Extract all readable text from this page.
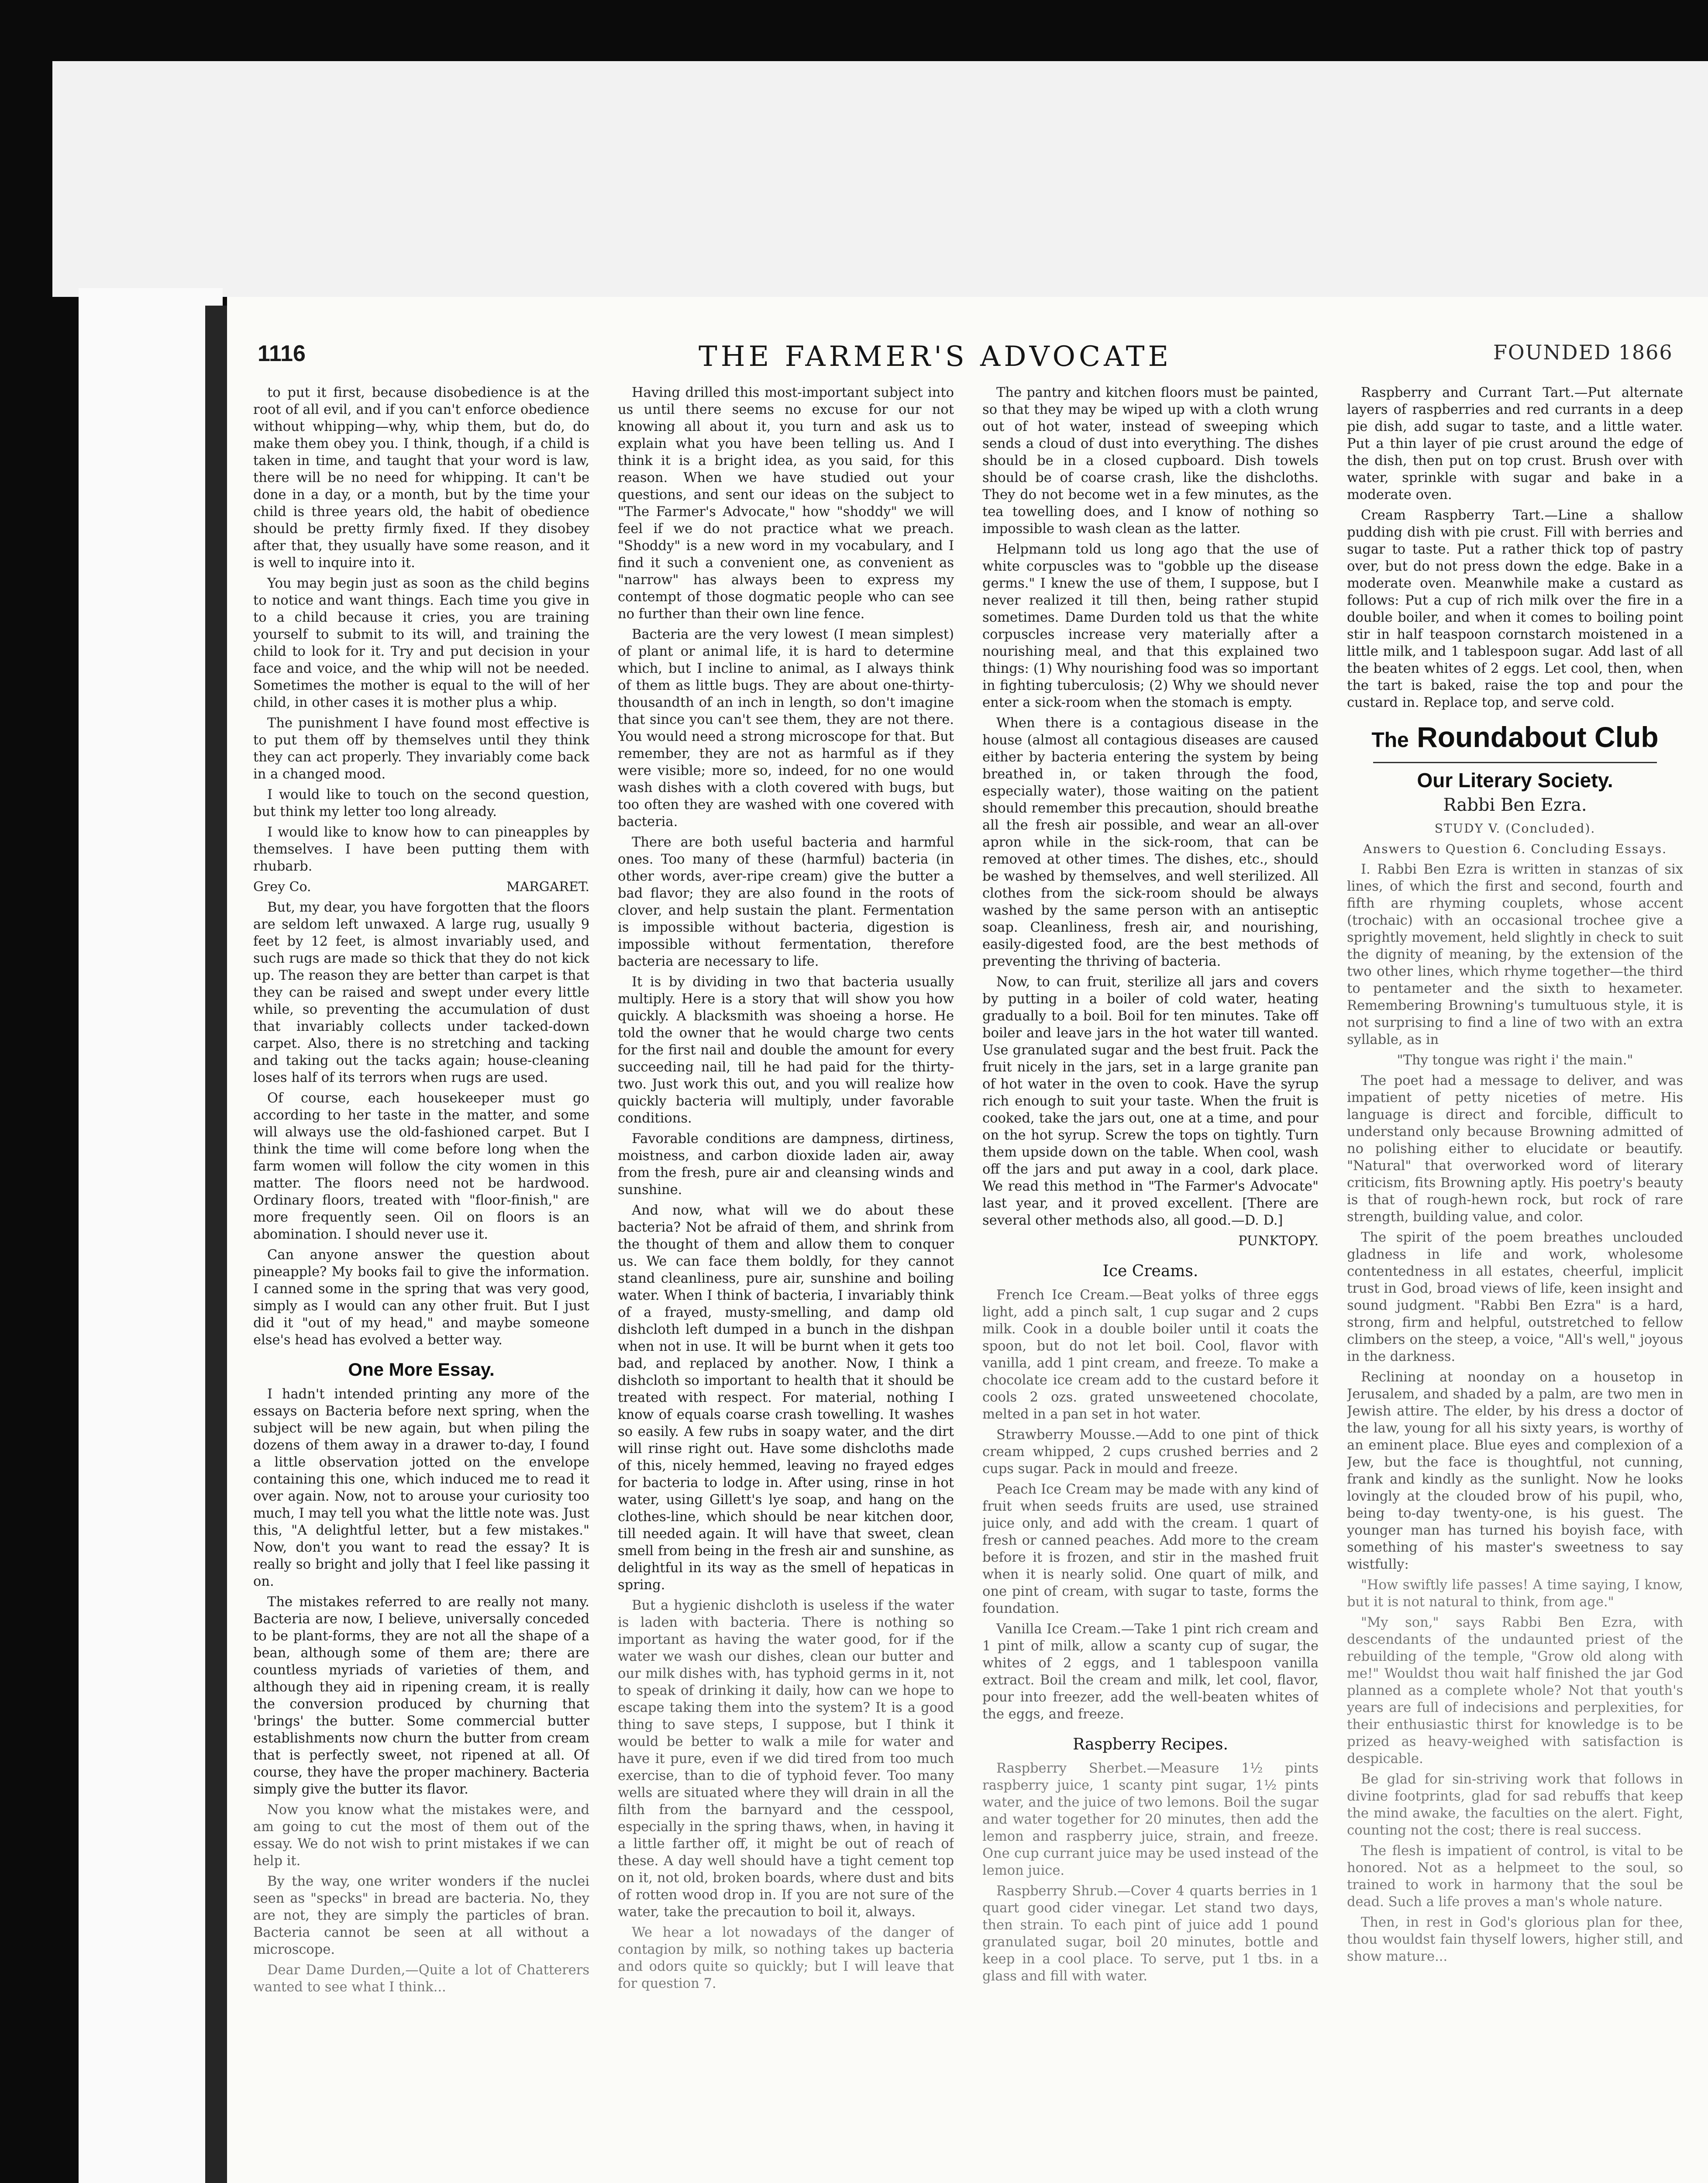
1116	THE FARMER'S ADVOCATE	FOUNDED 1866

to put it first, because disobedience is at the root of all evil, and if you can't enforce obedience without whipping—why, whip them, but do, do make them obey you. I think, though, if a child is taken in time, and taught that your word is law, there will be no need for whipping. It can't be done in a day, or a month, but by the time your child is three years old, the habit of obedience should be pretty firmly fixed. If they disobey after that, they usually have some reason, and it is well to inquire into it.

You may begin just as soon as the child begins to notice and want things. Each time you give in to a child because it cries, you are training yourself to submit to its will, and training the child to look for it. Try and put decision in your face and voice, and the whip will not be needed. Sometimes the mother is equal to the will of her child, in other cases it is mother plus a whip.

The punishment I have found most effective is to put them off by themselves until they think they can act properly. They invariably come back in a changed mood.

I would like to touch on the second question, but think my letter too long already.

I would like to know how to can pineapples by themselves. I have been putting them with rhubarb.

Grey Co.	MARGARET.

But, my dear, you have forgotten that the floors are seldom left unwaxed. A large rug, usually 9 feet by 12 feet, is almost invariably used, and such rugs are made so thick that they do not kick up. The reason they are better than carpet is that they can be raised and swept under every little while, so preventing the accumulation of dust that invariably collects under tacked-down carpet. Also, there is no stretching and tacking and taking out the tacks again; house-cleaning loses half of its terrors when rugs are used.

Of course, each housekeeper must go according to her taste in the matter, and some will always use the old-fashioned carpet. But I think the time will come before long when the farm women will follow the city women in this matter. The floors need not be hardwood. Ordinary floors, treated with "floor-finish," are more frequently seen. Oil on floors is an abomination. I should never use it.

Can anyone answer the question about pineapple? My books fail to give the information. I canned some in the spring that was very good, simply as I would can any other fruit. But I just did it "out of my head," and maybe someone else's head has evolved a better way.

One More Essay.

I hadn't intended printing any more of the essays on Bacteria before next spring, when the subject will be new again, but when piling the dozens of them away in a drawer to-day, I found a little observation jotted on the envelope containing this one, which induced me to read it over again. Now, not to arouse your curiosity too much, I may tell you what the little note was. Just this, "A delightful letter, but a few mistakes." Now, don't you want to read the essay? It is really so bright and jolly that I feel like passing it on.

The mistakes referred to are really not many. Bacteria are now, I believe, universally conceded to be plant-forms, they are not all the shape of a bean, although some of them are; there are countless myriads of varieties of them, and although they aid in ripening cream, it is really the conversion produced by churning that 'brings' the butter. Some commercial butter establishments now churn the butter from cream that is perfectly sweet, not ripened at all. Of course, they have the proper machinery. Bacteria simply give the butter its flavor.

Now you know what the mistakes were, and am going to cut the most of them out of the essay. We do not wish to print mistakes if we can help it.

By the way, one writer wonders if the nuclei seen as "specks" in bread are bacteria. No, they are not, they are simply the particles of bran. Bacteria cannot be seen at all without a microscope.

Dear Dame Durden,—Quite a lot of Chatterers wanted to see what I think...

Having drilled this most-important subject into us until there seems no excuse for our not knowing all about it, you turn and ask us to explain what you have been telling us. And I think it is a bright idea, as you said, for this reason. When we have studied out your questions, and sent our ideas on the subject to "The Farmer's Advocate," how "shoddy" we will feel if we do not practice what we preach. "Shoddy" is a new word in my vocabulary, and I find it such a convenient one, as convenient as "narrow" has always been to express my contempt of those dogmatic people who can see no further than their own line fence.

Bacteria are the very lowest (I mean simplest) of plant or animal life, it is hard to determine which, but I incline to animal, as I always think of them as little bugs. They are about one-thirty-thousandth of an inch in length, so don't imagine that since you can't see them, they are not there. You would need a strong microscope for that. But remember, they are not as harmful as if they were visible; more so, indeed, for no one would wash dishes with a cloth covered with bugs, but too often they are washed with one covered with bacteria.

There are both useful bacteria and harmful ones. Too many of these (harmful) bacteria (in other words, aver-ripe cream) give the butter a bad flavor; they are also found in the roots of clover, and help sustain the plant. Fermentation is impossible without bacteria, digestion is impossible without fermentation, therefore bacteria are necessary to life.

It is by dividing in two that bacteria usually multiply. Here is a story that will show you how quickly. A blacksmith was shoeing a horse. He told the owner that he would charge two cents for the first nail and double the amount for every succeeding nail, till he had paid for the thirty-two. Just work this out, and you will realize how quickly bacteria will multiply, under favorable conditions.

Favorable conditions are dampness, dirtiness, moistness, and carbon dioxide laden air, away from the fresh, pure air and cleansing winds and sunshine.

And now, what will we do about these bacteria? Not be afraid of them, and shrink from the thought of them and allow them to conquer us. We can face them boldly, for they cannot stand cleanliness, pure air, sunshine and boiling water. When I think of bacteria, I invariably think of a frayed, musty-smelling, and damp old dishcloth left dumped in a bunch in the dishpan when not in use. It will be burnt when it gets too bad, and replaced by another. Now, I think a dishcloth so important to health that it should be treated with respect. For material, nothing I know of equals coarse crash towelling. It washes so easily. A few rubs in soapy water, and the dirt will rinse right out. Have some dishcloths made of this, nicely hemmed, leaving no frayed edges for bacteria to lodge in. After using, rinse in hot water, using Gillett's lye soap, and hang on the clothes-line, which should be near kitchen door, till needed again. It will have that sweet, clean smell from being in the fresh air and sunshine, as delightful in its way as the smell of hepaticas in spring.

But a hygienic dishcloth is useless if the water is laden with bacteria. There is nothing so important as having the water good, for if the water we wash our dishes, clean our butter and our milk dishes with, has typhoid germs in it, not to speak of drinking it daily, how can we hope to escape taking them into the system? It is a good thing to save steps, I suppose, but I think it would be better to walk a mile for water and have it pure, even if we did tired from too much exercise, than to die of typhoid fever. Too many wells are situated where they will drain in all the filth from the barnyard and the cesspool, especially in the spring thaws, when, in having it a little farther off, it might be out of reach of these. A day well should have a tight cement top on it, not old, broken boards, where dust and bits of rotten wood drop in. If you are not sure of the water, take the precaution to boil it, always.

We hear a lot nowadays of the danger of contagion by milk, so nothing takes up bacteria and odors quite so quickly; but I will leave that for question 7.

The pantry and kitchen floors must be painted, so that they may be wiped up with a cloth wrung out of hot water, instead of sweeping which sends a cloud of dust into everything. The dishes should be in a closed cupboard. Dish towels should be of coarse crash, like the dishcloths. They do not become wet in a few minutes, as the tea towelling does, and I know of nothing so impossible to wash clean as the latter.

Helpmann told us long ago that the use of white corpuscles was to "gobble up the disease germs." I knew the use of them, I suppose, but I never realized it till then, being rather stupid sometimes. Dame Durden told us that the white corpuscles increase very materially after a nourishing meal, and that this explained two things: (1) Why nourishing food was so important in fighting tuberculosis; (2) Why we should never enter a sick-room when the stomach is empty.

When there is a contagious disease in the house (almost all contagious diseases are caused either by bacteria entering the system by being breathed in, or taken through the food, especially water), those waiting on the patient should remember this precaution, should breathe all the fresh air possible, and wear an all-over apron while in the sick-room, that can be removed at other times. The dishes, etc., should be washed by themselves, and well sterilized. All clothes from the sick-room should be always washed by the same person with an antiseptic soap. Cleanliness, fresh air, and nourishing, easily-digested food, are the best methods of preventing the thriving of bacteria.

Now, to can fruit, sterilize all jars and covers by putting in a boiler of cold water, heating gradually to a boil. Boil for ten minutes. Take off boiler and leave jars in the hot water till wanted. Use granulated sugar and the best fruit. Pack the fruit nicely in the jars, set in a large granite pan of hot water in the oven to cook. Have the syrup rich enough to suit your taste. When the fruit is cooked, take the jars out, one at a time, and pour on the hot syrup. Screw the tops on tightly. Turn them upside down on the table. When cool, wash off the jars and put away in a cool, dark place. We read this method in "The Farmer's Advocate" last year, and it proved excellent. [There are several other methods also, all good.—D. D.]

PUNKTOPY.
Ice Creams.

French Ice Cream.—Beat yolks of three eggs light, add a pinch salt, 1 cup sugar and 2 cups milk. Cook in a double boiler until it coats the spoon, but do not let boil. Cool, flavor with vanilla, add 1 pint cream, and freeze. To make a chocolate ice cream add to the custard before it cools 2 ozs. grated unsweetened chocolate, melted in a pan set in hot water.

Strawberry Mousse.—Add to one pint of thick cream whipped, 2 cups crushed berries and 2 cups sugar. Pack in mould and freeze.

Peach Ice Cream may be made with any kind of fruit when seeds fruits are used, use strained juice only, and add with the cream. 1 quart of fresh or canned peaches. Add more to the cream before it is frozen, and stir in the mashed fruit when it is nearly solid. One quart of milk, and one pint of cream, with sugar to taste, forms the foundation.

Vanilla Ice Cream.—Take 1 pint rich cream and 1 pint of milk, allow a scanty cup of sugar, the whites of 2 eggs, and 1 tablespoon vanilla extract. Boil the cream and milk, let cool, flavor, pour into freezer, add the well-beaten whites of the eggs, and freeze.

Raspberry Recipes.

Raspberry Sherbet.—Measure 1½ pints raspberry juice, 1 scanty pint sugar, 1½ pints water, and the juice of two lemons. Boil the sugar and water together for 20 minutes, then add the lemon and raspberry juice, strain, and freeze. One cup currant juice may be used instead of the lemon juice.

Raspberry Shrub.—Cover 4 quarts berries in 1 quart good cider vinegar. Let stand two days, then strain. To each pint of juice add 1 pound granulated sugar, boil 20 minutes, bottle and keep in a cool place. To serve, put 1 tbs. in a glass and fill with water.

Raspberry and Currant Tart.—Put alternate layers of raspberries and red currants in a deep pie dish, add sugar to taste, and a little water. Put a thin layer of pie crust around the edge of the dish, then put on top crust. Brush over with water, sprinkle with sugar and bake in a moderate oven.

Cream Raspberry Tart.—Line a shallow pudding dish with pie crust. Fill with berries and sugar to taste. Put a rather thick top of pastry over, but do not press down the edge. Bake in a moderate oven. Meanwhile make a custard as follows: Put a cup of rich milk over the fire in a double boiler, and when it comes to boiling point stir in half teaspoon cornstarch moistened in a little milk, and 1 tablespoon sugar. Add last of all the beaten whites of 2 eggs. Let cool, then, when the tart is baked, raise the top and pour the custard in. Replace top, and serve cold.

The Roundabout Club
Our Literary Society.
Rabbi Ben Ezra.
STUDY V. (Concluded).
Answers to Question 6. Concluding Essays.

I. Rabbi Ben Ezra is written in stanzas of six lines, of which the first and second, fourth and fifth are rhyming couplets, whose accent (trochaic) with an occasional trochee give a sprightly movement, held slightly in check to suit the dignity of meaning, by the extension of the two other lines, which rhyme together—the third to pentameter and the sixth to hexameter. Remembering Browning's tumultuous style, it is not surprising to find a line of two with an extra syllable, as in

"Thy tongue was right i' the main."

The poet had a message to deliver, and was impatient of petty niceties of metre. His language is direct and forcible, difficult to understand only because Browning admitted of no polishing either to elucidate or beautify. "Natural" that overworked word of literary criticism, fits Browning aptly. His poetry's beauty is that of rough-hewn rock, but rock of rare strength, building value, and color.

The spirit of the poem breathes unclouded gladness in life and work, wholesome contentedness in all estates, cheerful, implicit trust in God, broad views of life, keen insight and sound judgment. "Rabbi Ben Ezra" is a hard, strong, firm and helpful, outstretched to fellow climbers on the steep, a voice, "All's well," joyous in the darkness.

Reclining at noonday on a housetop in Jerusalem, and shaded by a palm, are two men in Jewish attire. The elder, by his dress a doctor of the law, young for all his sixty years, is worthy of an eminent place. Blue eyes and complexion of a Jew, but the face is thoughtful, not cunning, frank and kindly as the sunlight. Now he looks lovingly at the clouded brow of his pupil, who, being to-day twenty-one, is his guest. The younger man has turned his boyish face, with something of his master's sweetness to say wistfully:

"How swiftly life passes! A time saying, I know, but it is not natural to think, from age."

"My son," says Rabbi Ben Ezra, with descendants of the undaunted priest of the rebuilding of the temple, "Grow old along with me!" Wouldst thou wait half finished the jar God planned as a complete whole? Not that youth's years are full of indecisions and perplexities, for their enthusiastic thirst for knowledge is to be prized as heavy-weighed with satisfaction is despicable.

Be glad for sin-striving work that follows in divine footprints, glad for sad rebuffs that keep the mind awake, the faculties on the alert. Fight, counting not the cost; there is real success.

The flesh is impatient of control, is vital to be honored. Not as a helpmeet to the soul, so trained to work in harmony that the soul be dead. Such a life proves a man's whole nature.

Then, in rest in God's glorious plan for thee, thou wouldst fain thyself lowers, higher still, and show mature...
